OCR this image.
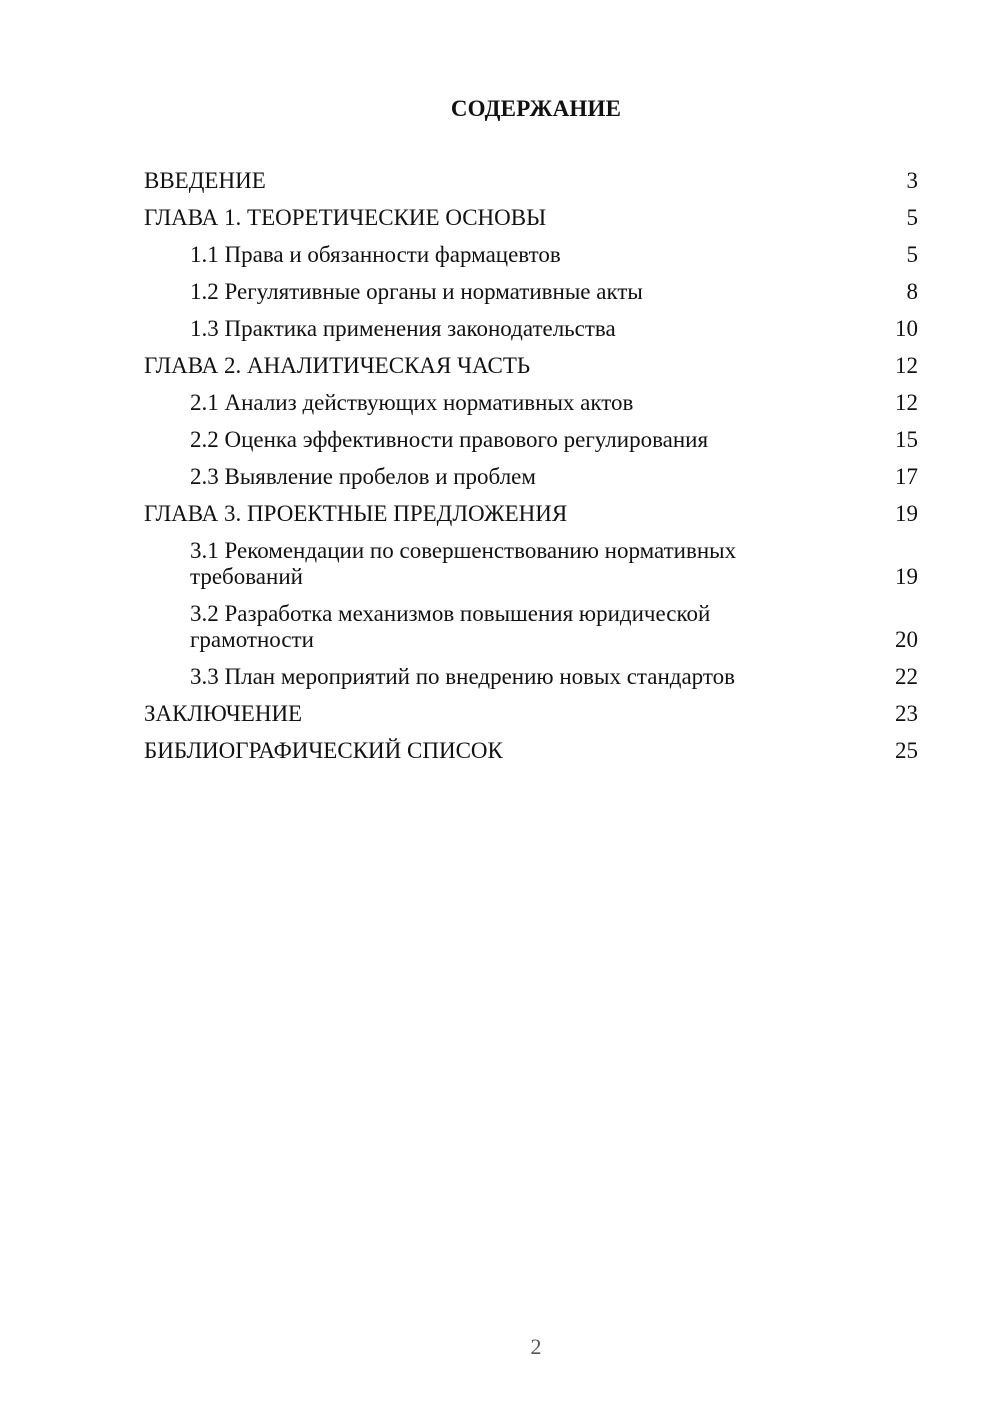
СОДЕРЖАНИЕ
ВВЕДЕНИЕ	3
ГЛАВА 1. ТЕОРЕТИЧЕСКИЕ ОСНОВЫ	5
1.1 Права и обязанности фармацевтов	5
1.2 Регулятивные органы и нормативные акты	8
1.3 Практика применения законодательства	10
ГЛАВА 2. АНАЛИТИЧЕСКАЯ ЧАСТЬ	12
2.1 Анализ действующих нормативных актов	12
2.2 Оценка эффективности правового регулирования	15
2.3 Выявление пробелов и проблем	17
ГЛАВА 3. ПРОЕКТНЫЕ ПРЕДЛОЖЕНИЯ	19
3.1 Рекомендации по совершенствованию нормативных требований	19
3.2 Разработка механизмов повышения юридической грамотности	20
3.3 План мероприятий по внедрению новых стандартов	22
ЗАКЛЮЧЕНИЕ	23
БИБЛИОГРАФИЧЕСКИЙ СПИСОК	25
2
